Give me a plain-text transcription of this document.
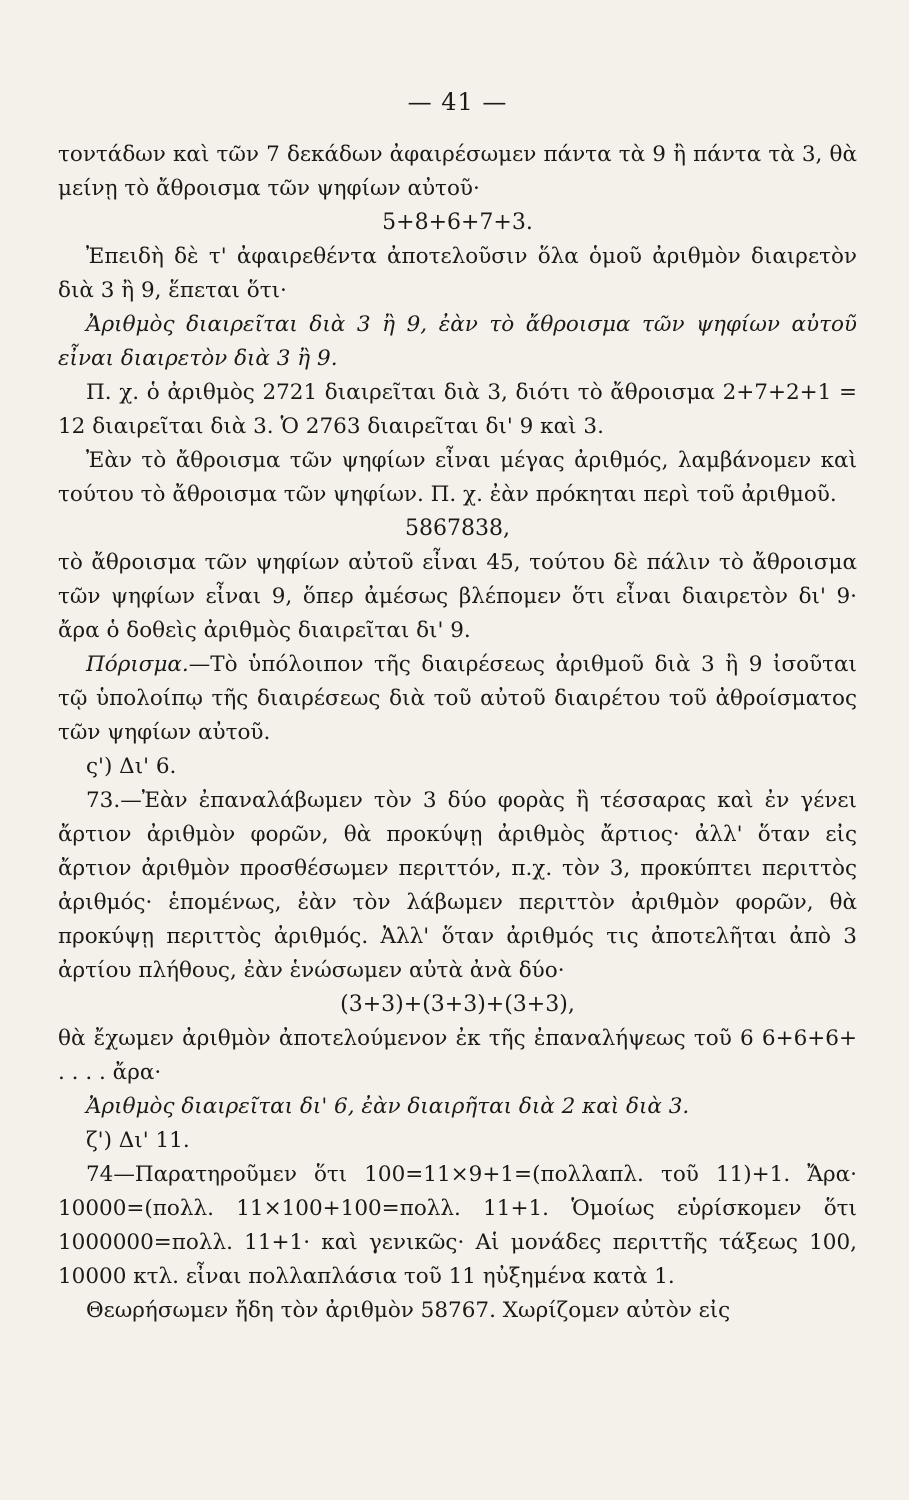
— 41 —

τοντάδων καὶ τῶν 7 δεκάδων ἀφαιρέσωμεν πάντα τὰ 9 ἢ πάντα τὰ 3, θὰ μείνῃ τὸ ἄθροισμα τῶν ψηφίων αὐτοῦ·

5+8+6+7+3.

Ἐπειδὴ δὲ τ' ἀφαιρεθέντα ἀποτελοῦσιν ὅλα ὁμοῦ ἀριθμὸν διαιρετὸν διὰ 3 ἢ 9, ἕπεται ὅτι·

Ἀριθμὸς διαιρεῖται διὰ 3 ἢ 9, ἐὰν τὸ ἄθροισμα τῶν ψηφίων αὐτοῦ εἶναι διαιρετὸν διὰ 3 ἢ 9.

Π. χ. ὁ ἀριθμὸς 2721 διαιρεῖται διὰ 3, διότι τὸ ἄθροισμα 2+7+2+1 = 12 διαιρεῖται διὰ 3. Ὁ 2763 διαιρεῖται δι' 9 καὶ 3.

Ἐὰν τὸ ἄθροισμα τῶν ψηφίων εἶναι μέγας ἀριθμός, λαμβάνομεν καὶ τούτου τὸ ἄθροισμα τῶν ψηφίων. Π. χ. ἐὰν πρόκηται περὶ τοῦ ἀριθμοῦ.

5867838,

τὸ ἄθροισμα τῶν ψηφίων αὐτοῦ εἶναι 45, τούτου δὲ πάλιν τὸ ἄθροισμα τῶν ψηφίων εἶναι 9, ὅπερ ἀμέσως βλέπομεν ὅτι εἶναι διαιρετὸν δι' 9· ἄρα ὁ δοθεὶς ἀριθμὸς διαιρεῖται δι' 9.

Πόρισμα.—Τὸ ὑπόλοιπον τῆς διαιρέσεως ἀριθμοῦ διὰ 3 ἢ 9 ἰσοῦται τῷ ὑπολοίπῳ τῆς διαιρέσεως διὰ τοῦ αὐτοῦ διαιρέτου τοῦ ἀθροίσματος τῶν ψηφίων αὐτοῦ.

ς') Δι' 6.

73.—Ἐὰν ἐπαναλάβωμεν τὸν 3 δύο φορὰς ἢ τέσσαρας καὶ ἐν γένει ἄρτιον ἀριθμὸν φορῶν, θὰ προκύψῃ ἀριθμὸς ἄρτιος· ἀλλ' ὅταν εἰς ἄρτιον ἀριθμὸν προσθέσωμεν περιττόν, π.χ. τὸν 3, προκύπτει περιττὸς ἀριθμός· ἑπομένως, ἐὰν τὸν λάβωμεν περιττὸν ἀριθμὸν φορῶν, θὰ προκύψῃ περιττὸς ἀριθμός. Ἀλλ' ὅταν ἀριθμός τις ἀποτελῆται ἀπὸ 3 ἀρτίου πλήθους, ἐὰν ἑνώσωμεν αὐτὰ ἀνὰ δύο·

(3+3)+(3+3)+(3+3),

θὰ ἔχωμεν ἀριθμὸν ἀποτελούμενον ἐκ τῆς ἐπαναλήψεως τοῦ 6 6+6+6+ . . . . ἄρα·

Ἀριθμὸς διαιρεῖται δι' 6, ἐὰν διαιρῆται διὰ 2 καὶ διὰ 3.

ζ') Δι' 11.

74—Παρατηροῦμεν ὅτι 100=11×9+1=(πολλαπλ. τοῦ 11)+1. Ἄρα· 10000=(πολλ. 11×100+100=πολλ. 11+1. Ὁμοίως εὑρίσκομεν ὅτι 1000000=πολλ. 11+1· καὶ γενικῶς· Αἱ μονάδες περιττῆς τάξεως 100, 10000 κτλ. εἶναι πολλαπλάσια τοῦ 11 ηὐξημένα κατὰ 1.

Θεωρήσωμεν ἤδη τὸν ἀριθμὸν 58767. Χωρίζομεν αὐτὸν εἰς
